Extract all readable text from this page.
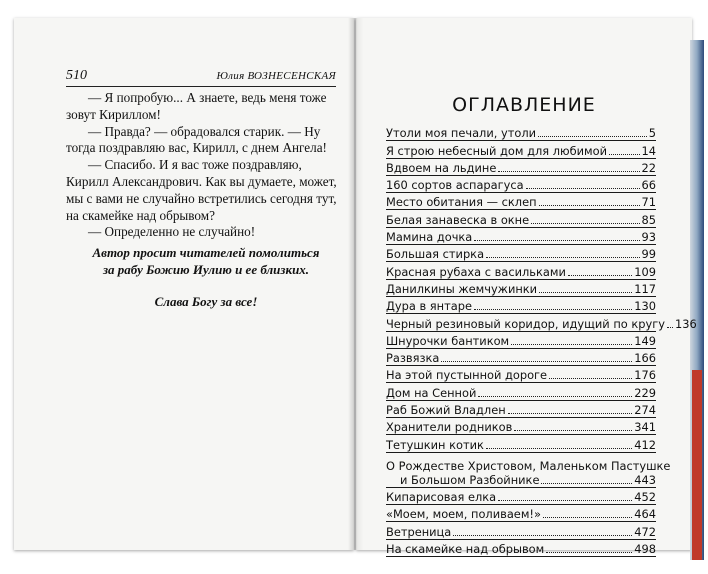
510	Юлия ВОЗНЕСЕНСКАЯ

— Я попробую... А знаете, ведь меня тоже зовут Кириллом!

— Правда? — обрадовался старик. — Ну тогда поздравляю вас, Кирилл, с днем Ангела!

— Спасибо. И я вас тоже поздравляю, Кирилл Александрович. Как вы думаете, может, мы с вами не случайно встретились сегодня тут, на скамейке над обрывом?

— Определенно не случайно!

Автор просит читателей помолиться

за рабу Божию Иулию и ее близких.

Слава Богу за все!
ОГЛАВЛЕНИЕ
Утоли моя печали, утоли	5
Я строю небесный дом для любимой	14
Вдвоем на льдине	22
160 сортов аспарагуса	66
Место обитания — склеп	71
Белая занавеска в окне	85
Мамина дочка	93
Большая стирка	99
Красная рубаха с васильками	109
Данилкины жемчужинки	117
Дура в янтаре	130
Черный резиновый коридор, идущий по кругу 136
Шнурочки бантиком	149
Развязка	166
На этой пустынной дороге	176
Дом на Сенной	229
Раб Божий Владлен	274
Хранители родников	341
Тетушкин котик	412
О Рождестве Христовом, Маленьком Пастушке
и Большом Разбойнике	443
Кипарисовая елка	452
«Моем, моем, поливаем!»	464
Ветреница	472
На скамейке над обрывом	498
